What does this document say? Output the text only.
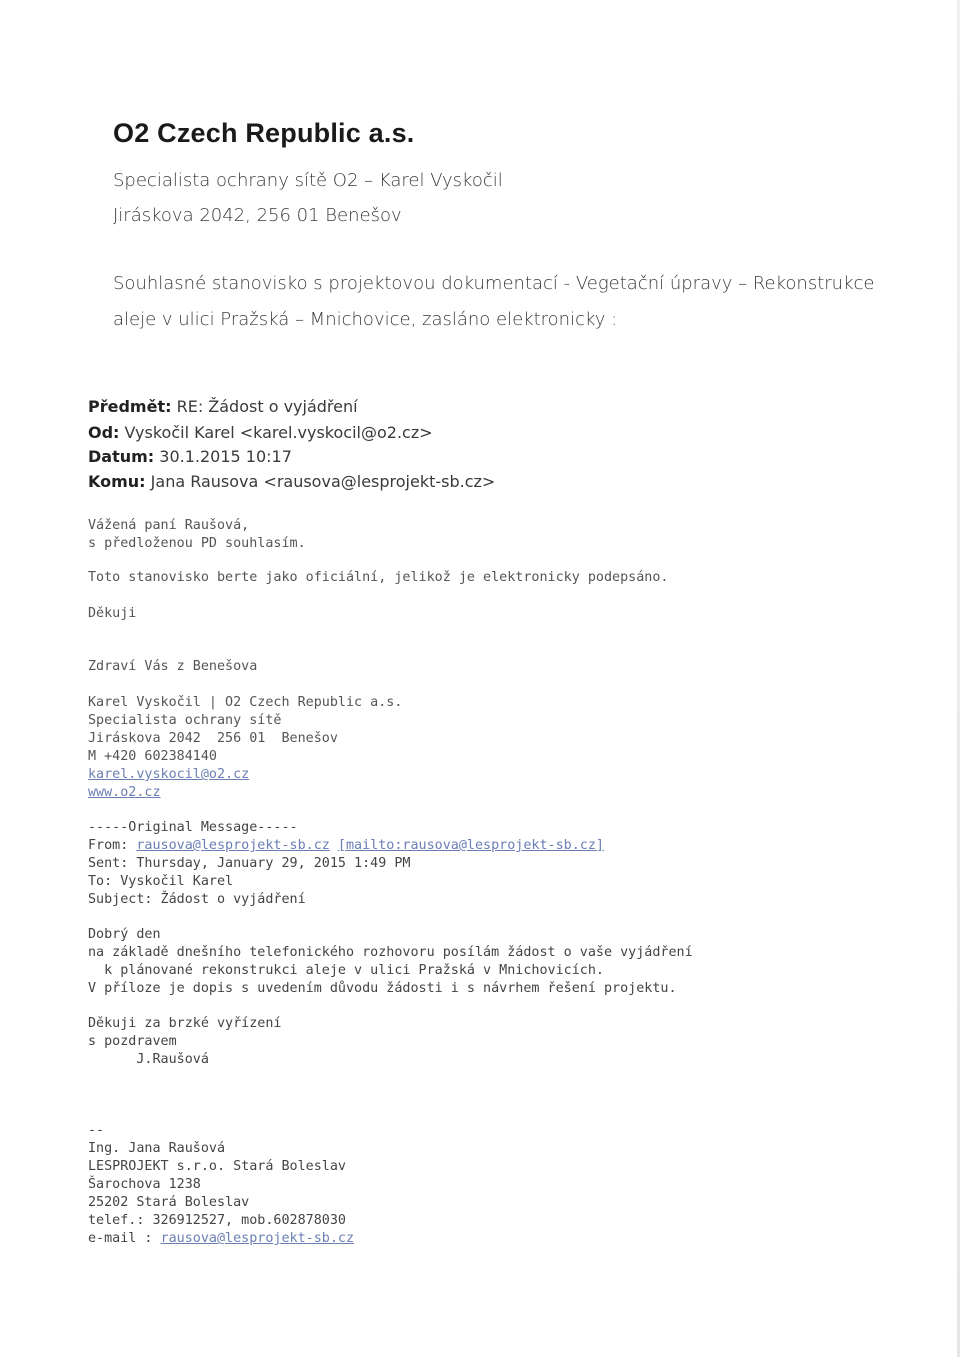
O2 Czech Republic a.s.
Specialista ochrany sítě O2 – Karel Vyskočil
Jiráskova 2042, 256 01 Benešov
Souhlasné stanovisko s projektovou dokumentací - Vegetační úpravy – Rekonstrukce
aleje v ulici Pražská – Mnichovice, zasláno elektronicky :
Předmět: RE: Žádost o vyjádření
Od: Vyskočil Karel <karel.vyskocil@o2.cz>
Datum: 30.1.2015 10:17
Komu: Jana Rausova <rausova@lesprojekt-sb.cz>
Vážená paní Raušová,
s předloženou PD souhlasím.
Toto stanovisko berte jako oficiální, jelikož je elektronicky podepsáno.
Děkuji
Zdraví Vás z Benešova
Karel Vyskočil | O2 Czech Republic a.s.
Specialista ochrany sítě
Jiráskova 2042  256 01  Benešov
M +420 602384140
karel.vyskocil@o2.cz
www.o2.cz
-----Original Message-----
From: rausova@lesprojekt-sb.cz [mailto:rausova@lesprojekt-sb.cz]
Sent: Thursday, January 29, 2015 1:49 PM
To: Vyskočil Karel
Subject: Žádost o vyjádření
Dobrý den
na základě dnešního telefonického rozhovoru posílám žádost o vaše vyjádření
k plánované rekonstrukci aleje v ulici Pražská v Mnichovicích.
V příloze je dopis s uvedením důvodu žádosti i s návrhem řešení projektu.
Děkuji za brzké vyřízení
s pozdravem
J.Raušová
--
Ing. Jana Raušová
LESPROJEKT s.r.o. Stará Boleslav
Šarochova 1238
25202 Stará Boleslav
telef.: 326912527, mob.602878030
e-mail : rausova@lesprojekt-sb.cz
